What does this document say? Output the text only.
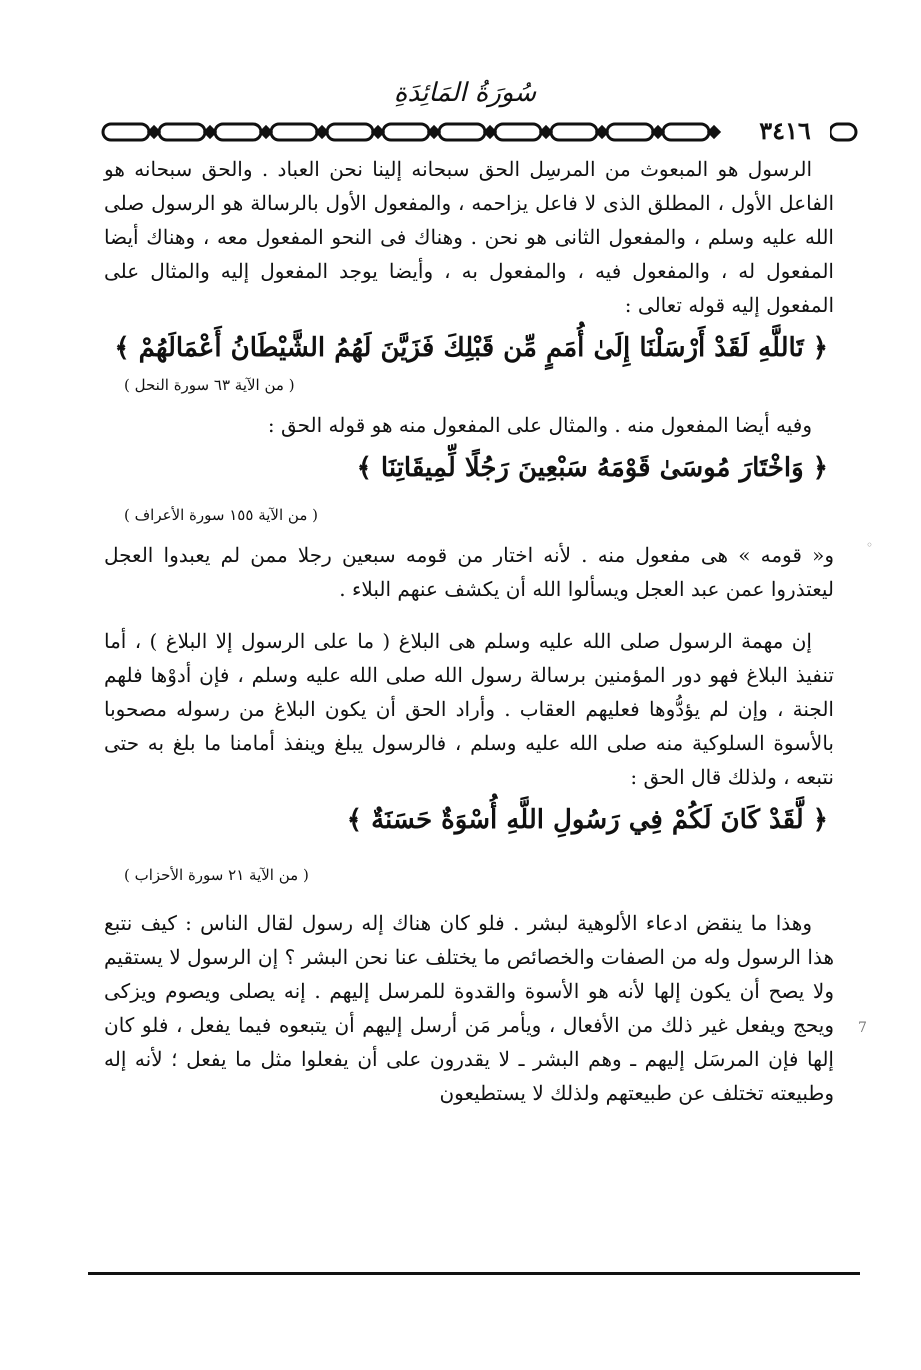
سُورَةُ المَائِدَةِ
٣٤١٦

الرسول هو المبعوث من المرسِل الحق سبحانه إلينا نحن العباد . والحق سبحانه هو الفاعل الأول ، المطلق الذى لا فاعل يزاحمه ، والمفعول الأول بالرسالة هو الرسول صلى الله عليه وسلم ، والمفعول الثانى هو نحن . وهناك فى النحو المفعول معه ، وهناك أيضا المفعول له ، والمفعول فيه ، والمفعول به ، وأيضا يوجد المفعول إليه والمثال على المفعول إليه قوله تعالى :

﴿ تَاللَّهِ لَقَدْ أَرْسَلْنَا إِلَىٰ أُمَمٍ مِّن قَبْلِكَ فَزَيَّنَ لَهُمُ الشَّيْطَانُ أَعْمَالَهُمْ ﴾

( من الآية ٦٣ سورة النحل )

وفيه أيضا المفعول منه . والمثال على المفعول منه هو قوله الحق :

﴿ وَاخْتَارَ مُوسَىٰ قَوْمَهُ سَبْعِينَ رَجُلًا لِّمِيقَاتِنَا ﴾

( من الآية ١٥٥ سورة الأعراف )

و« قومه » هى مفعول منه . لأنه اختار من قومه سبعين رجلا ممن لم يعبدوا العجل ليعتذروا عمن عبد العجل ويسألوا الله أن يكشف عنهم البلاء .

إن مهمة الرسول صلى الله عليه وسلم هى البلاغ ( ما على الرسول إلا البلاغ ) ، أما تنفيذ البلاغ فهو دور المؤمنين برسالة رسول الله صلى الله عليه وسلم ، فإن أدوْها فلهم الجنة ، وإن لم يؤدُّوها فعليهم العقاب . وأراد الحق أن يكون البلاغ من رسوله مصحوبا بالأسوة السلوكية منه صلى الله عليه وسلم ، فالرسول يبلغ وينفذ أمامنا ما بلغ به حتى نتبعه ، ولذلك قال الحق :

﴿ لَّقَدْ كَانَ لَكُمْ فِي رَسُولِ اللَّهِ أُسْوَةٌ حَسَنَةٌ ﴾

( من الآية ٢١ سورة الأحزاب )

وهذا ما ينقض ادعاء الألوهية لبشر . فلو كان هناك إله رسول لقال الناس : كيف نتبع هذا الرسول وله من الصفات والخصائص ما يختلف عنا نحن البشر ؟ إن الرسول لا يستقيم ولا يصح أن يكون إلها لأنه هو الأسوة والقدوة للمرسل إليهم . إنه يصلى ويصوم ويزكى ويحج ويفعل غير ذلك من الأفعال ، ويأمر مَن أرسل إليهم أن يتبعوه فيما يفعل ، فلو كان إلها فإن المرسَل إليهم ـ وهم البشر ـ لا يقدرون على أن يفعلوا مثل ما يفعل ؛ لأنه إله وطبيعته تختلف عن طبيعتهم ولذلك لا يستطيعون

◦
7
